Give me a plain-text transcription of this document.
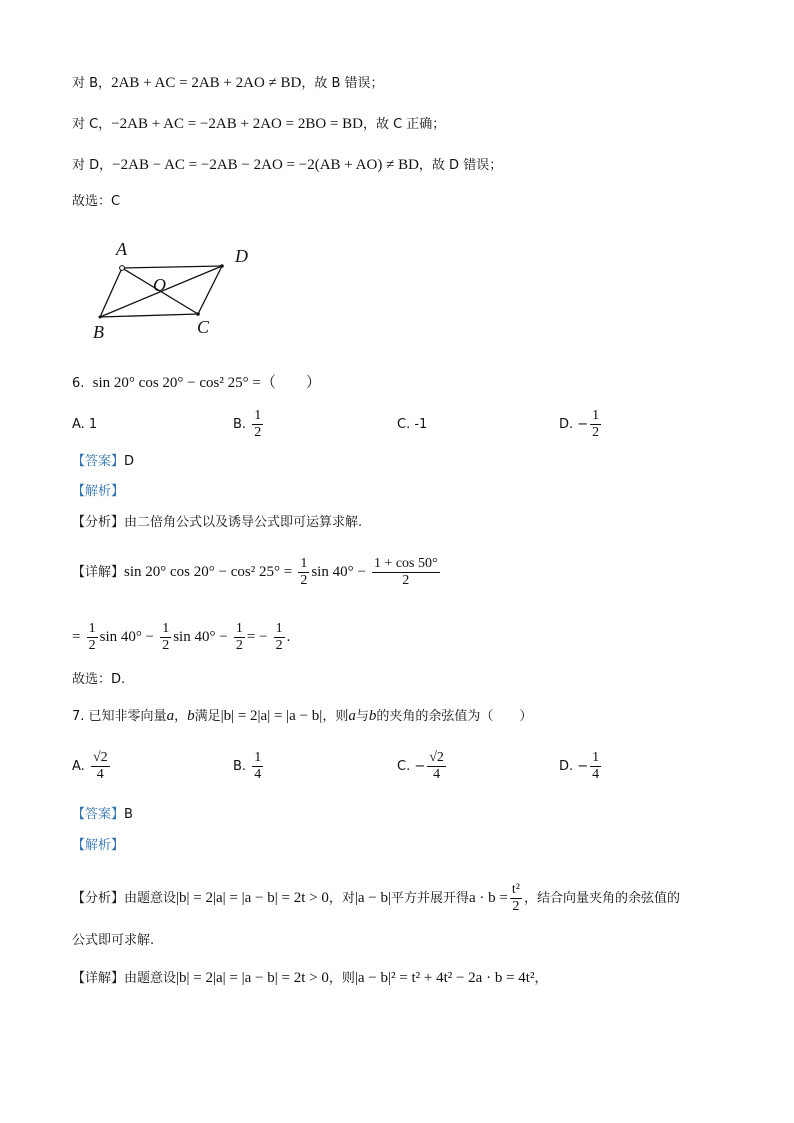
对 B，2AB + AC = 2AB + 2AO ≠ BD，故 B 错误；
对 C，−2AB + AC = −2AB + 2AO = 2BO = BD，故 C 正确；
对 D，−2AB − AC = −2AB − 2AO = −2(AB + AO) ≠ BD，故 D 错误；
故选：C
A	D
O
B	C
6. sin 20° cos 20° − cos² 25° =（　　）
A. 1	B. $\frac{1}{2}$	C. -1	D. − $\frac{1}{2}$
【答案】D
【解析】
【分析】由二倍角公式以及诱导公式即可运算求解.
【详解】sin 20° cos 20° − cos² $25^\circ = \frac{1}{2}$ $\sin 40^\circ - \frac{1 + \cos 50^\circ}{2}$
= $\frac{1}{2}$ $\sin 40^\circ - \frac{1}{2}$ $\sin 40^\circ - \frac{1}{2}$ = − $\frac{1}{2}$ .
故选：D.
7. 已知非零向量a，b满足|b| = 2|a| = |a − b|，则a与b的夹角的余弦值为（　　）
A. $\frac{√2}{4}$	B. $\frac{1}{4}$	C. − $\frac{√2}{4}$	D. − $\frac{1}{4}$
【答案】B
【解析】
【分析】由题意设|b| = 2|a| = |a − b| = 2t > 0，对|a − b|平方并展开得$a \cdot b = \frac{\text{t²}}{2}$ ，结合向量夹角的余弦值的
公式即可求解.
【详解】由题意设|b| = 2|a| = |a − b| = 2t > 0，则|a − b|² = t² + 4t² − 2a · b = 4t²，
